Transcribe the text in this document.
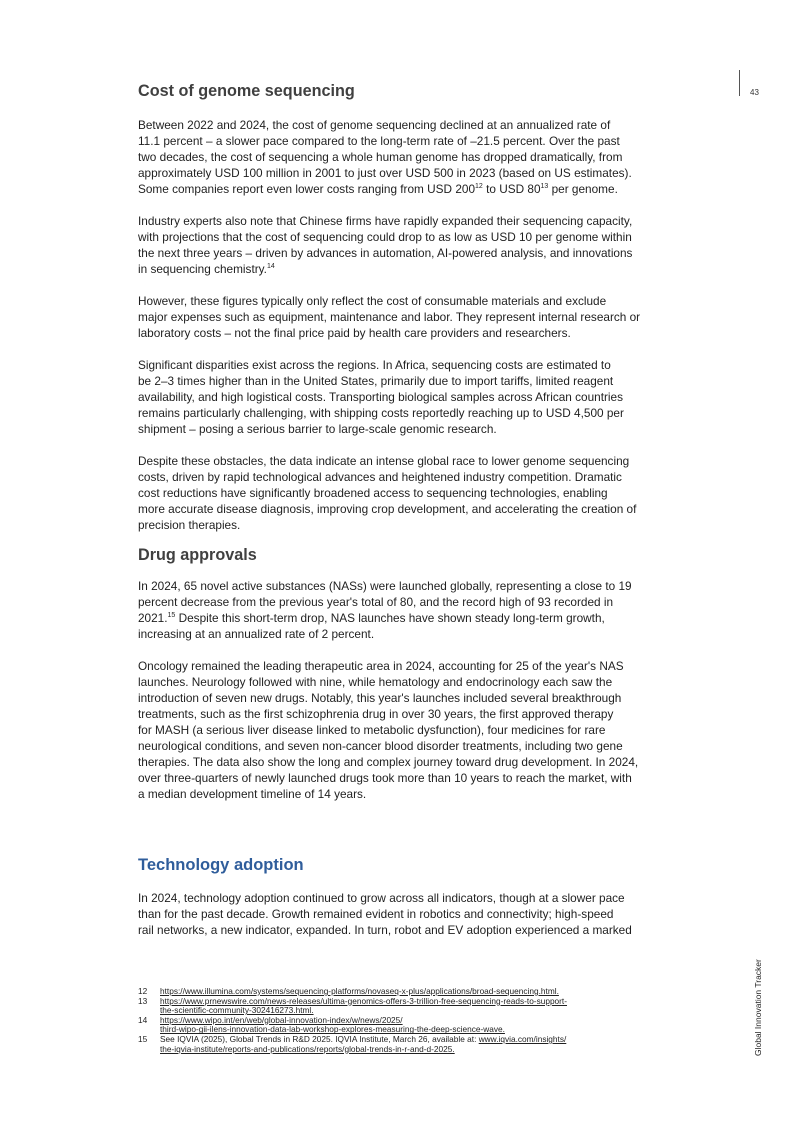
43
Global Innovation Tracker
Cost of genome sequencing

Between 2022 and 2024, the cost of genome sequencing declined at an annualized rate of
11.1 percent – a slower pace compared to the long-term rate of –21.5 percent. Over the past
two decades, the cost of sequencing a whole human genome has dropped dramatically, from
approximately USD 100 million in 2001 to just over USD 500 in 2023 (based on US estimates).
Some companies report even lower costs ranging from USD $200^{12}$ to USD $80^{13}$ per genome.

Industry experts also note that Chinese firms have rapidly expanded their sequencing capacity,
with projections that the cost of sequencing could drop to as low as USD 10 per genome within
the next three years – driven by advances in automation, AI-powered analysis, and innovations
in sequencing chemistry.$^{14}$

However, these figures typically only reflect the cost of consumable materials and exclude
major expenses such as equipment, maintenance and labor. They represent internal research or
laboratory costs – not the final price paid by health care providers and researchers.

Significant disparities exist across the regions. In Africa, sequencing costs are estimated to
be 2–3 times higher than in the United States, primarily due to import tariffs, limited reagent
availability, and high logistical costs. Transporting biological samples across African countries
remains particularly challenging, with shipping costs reportedly reaching up to USD 4,500 per
shipment – posing a serious barrier to large-scale genomic research.

Despite these obstacles, the data indicate an intense global race to lower genome sequencing
costs, driven by rapid technological advances and heightened industry competition. Dramatic
cost reductions have significantly broadened access to sequencing technologies, enabling
more accurate disease diagnosis, improving crop development, and accelerating the creation of
precision therapies.

Drug approvals

In 2024, 65 novel active substances (NASs) were launched globally, representing a close to 19
percent decrease from the previous year's total of 80, and the record high of 93 recorded in
2021.15 Despite this short-term drop, NAS launches have shown steady long-term growth,
increasing at an annualized rate of 2 percent.

Oncology remained the leading therapeutic area in 2024, accounting for 25 of the year's NAS
launches. Neurology followed with nine, while hematology and endocrinology each saw the
introduction of seven new drugs. Notably, this year's launches included several breakthrough
treatments, such as the first schizophrenia drug in over 30 years, the first approved therapy
for MASH (a serious liver disease linked to metabolic dysfunction), four medicines for rare
neurological conditions, and seven non-cancer blood disorder treatments, including two gene
therapies. The data also show the long and complex journey toward drug development. In 2024,
over three-quarters of newly launched drugs took more than 10 years to reach the market, with
a median development timeline of 14 years.

Technology adoption

In 2024, technology adoption continued to grow across all indicators, though at a slower pace
than for the past decade. Growth remained evident in robotics and connectivity; high-speed
rail networks, a new indicator, expanded. In turn, robot and EV adoption experienced a marked

12	https://www.illumina.com/systems/sequencing-platforms/novaseq-x-plus/applications/broad-sequencing.html.
13	https://www.prnewswire.com/news-releases/ultima-genomics-offers-3-trillion-free-sequencing-reads-to-support-
the-scientific-community-302416273.html.
14	https://www.wipo.int/en/web/global-innovation-index/w/news/2025/
third-wipo-gii-ilens-innovation-data-lab-workshop-explores-measuring-the-deep-science-wave.
15	See IQVIA (2025), Global Trends in R&D 2025. IQVIA Institute, March 26, available at: www.iqvia.com/insights/
the-iqvia-institute/reports-and-publications/reports/global-trends-in-r-and-d-2025.
